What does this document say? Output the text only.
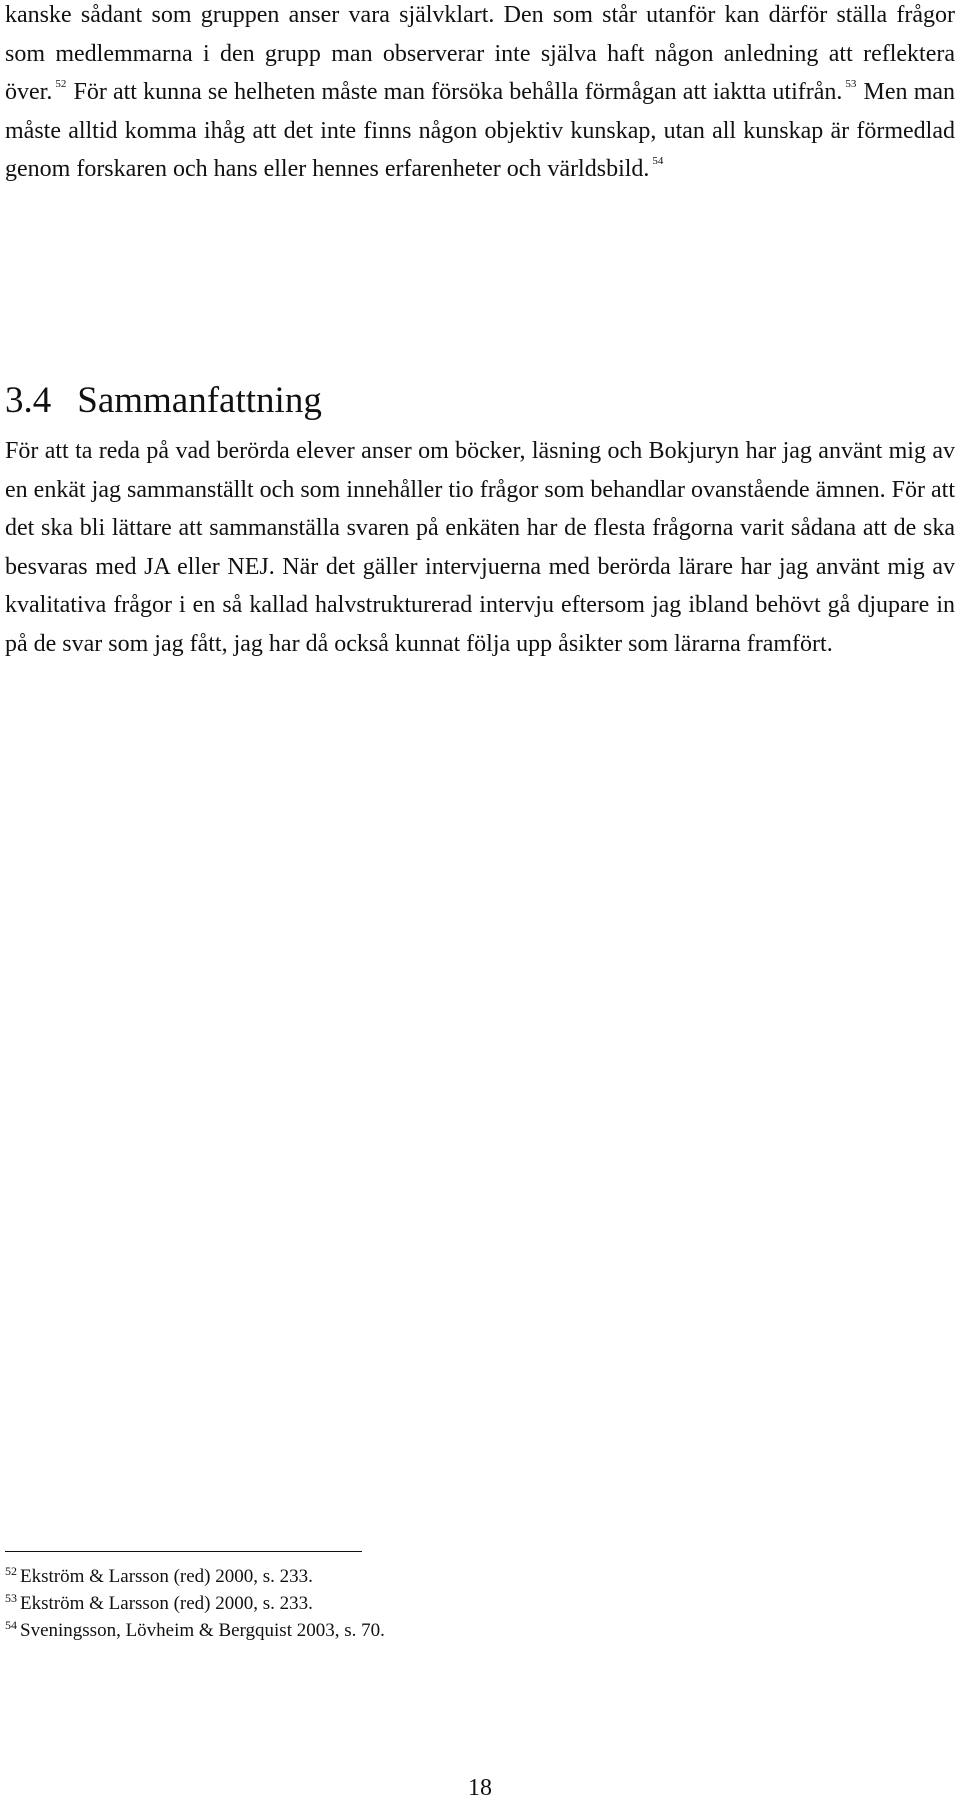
kanske sådant som gruppen anser vara självklart. Den som står utanför kan därför ställa frågor som medlemmarna i den grupp man observerar inte själva haft någon anledning att reflektera över. $^{52}$ För att kunna se helheten måste man försöka behålla förmågan att iaktta utifrån. $^{53}$ Men man måste alltid komma ihåg att det inte finns någon objektiv kunskap, utan all kunskap är förmedlad genom forskaren och hans eller hennes erfarenheter och världsbild. $^{54}$

3.4 Sammanfattning

För att ta reda på vad berörda elever anser om böcker, läsning och Bokjuryn har jag använt mig av en enkät jag sammanställt och som innehåller tio frågor som behandlar ovanstående ämnen. För att det ska bli lättare att sammanställa svaren på enkäten har de flesta frågorna varit sådana att de ska besvaras med JA eller NEJ. När det gäller intervjuerna med berörda lärare har jag använt mig av kvalitativa frågor i en så kallad halvstrukturerad intervju eftersom jag ibland behövt gå djupare in på de svar som jag fått, jag har då också kunnat följa upp åsikter som lärarna framfört.

$^{52}$ Ekström & Larsson (red) 2000, s. 233.
$^{53}$ Ekström & Larsson (red) 2000, s. 233.
$^{54}$ Sveningsson, Lövheim & Bergquist 2003, s. 70.

18
